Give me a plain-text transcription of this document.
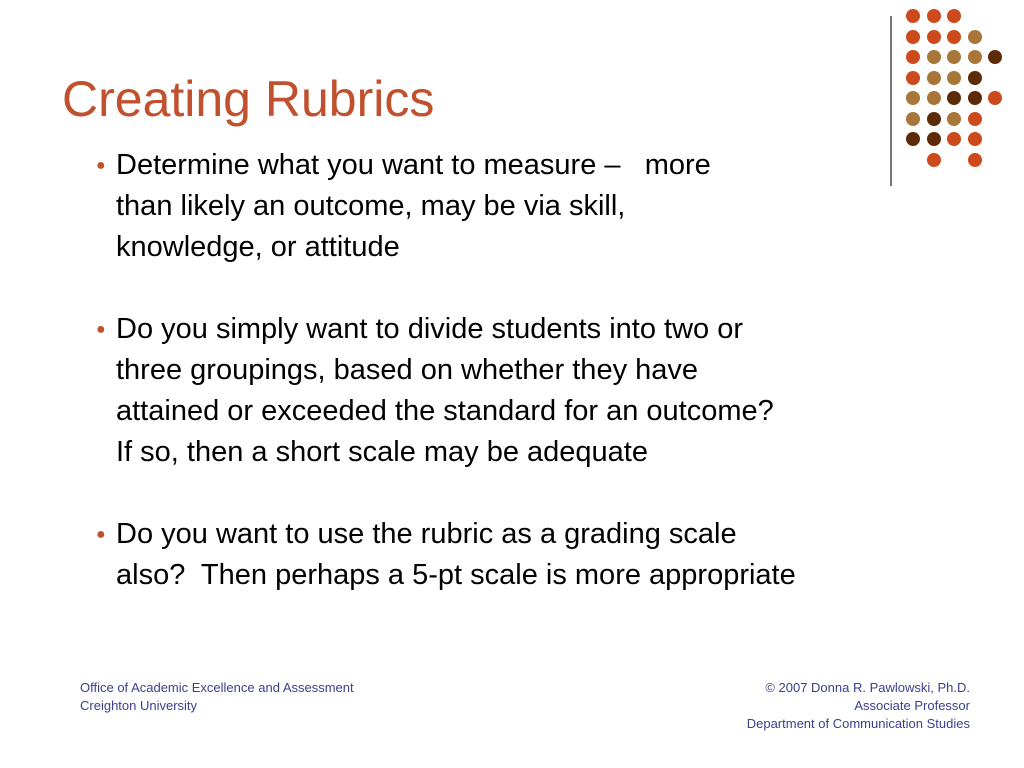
Creating Rubrics
● Determine what you want to measure –   more
than likely an outcome, may be via skill,
knowledge, or attitude
● Do you simply want to divide students into two or
three groupings, based on whether they have
attained or exceeded the standard for an outcome?
If so, then a short scale may be adequate
● Do you want to use the rubric as a grading scale
also?  Then perhaps a 5-pt scale is more appropriate
Office of Academic Excellence and Assessment
Creighton University
© 2007 Donna R. Pawlowski, Ph.D.
Associate Professor
Department of Communication Studies
